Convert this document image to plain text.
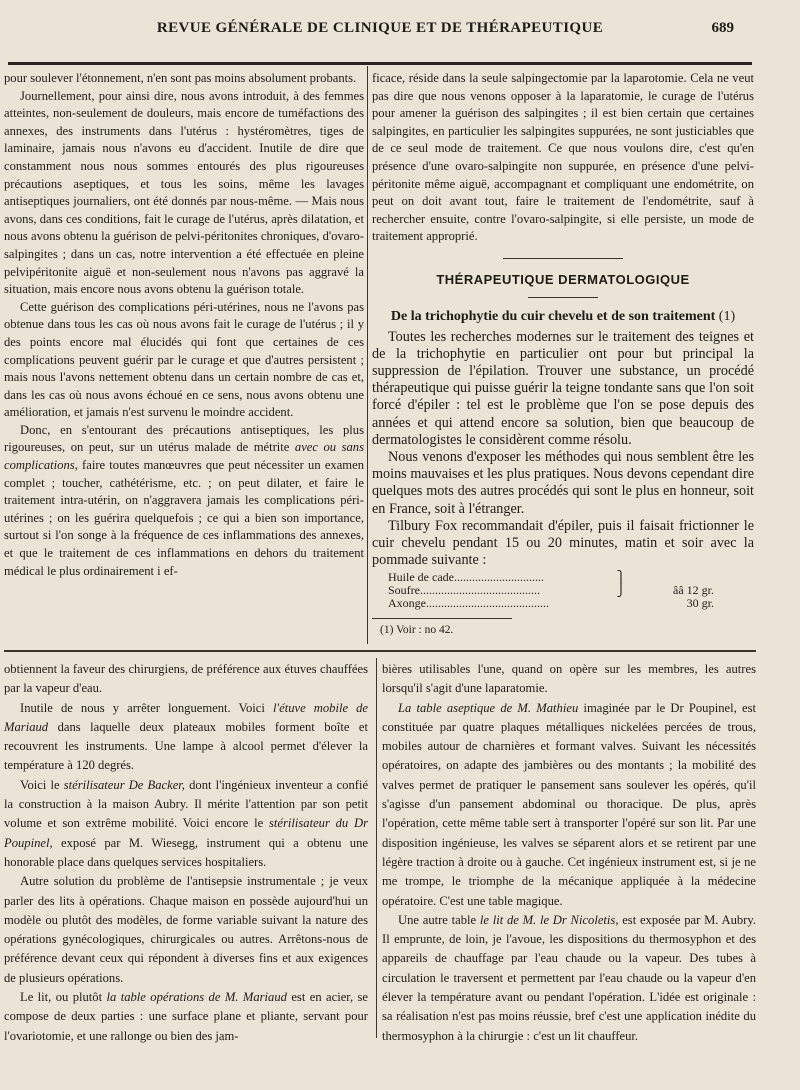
REVUE GÉNÉRALE DE CLINIQUE ET DE THÉRAPEUTIQUE	689

pour soulever l'étonnement, n'en sont pas moins absolument probants.

Journellement, pour ainsi dire, nous avons introduit, à des femmes atteintes, non-seulement de douleurs, mais encore de tuméfactions des annexes, des instruments dans l'utérus : hystéromètres, tiges de laminaire, jamais nous n'avons eu d'accident. Inutile de dire que constamment nous nous sommes entourés des plus rigoureuses précautions aseptiques, et tous les soins, même les lavages antiseptiques journaliers, ont été donnés par nous-même. — Mais nous avons, dans ces conditions, fait le curage de l'utérus, après dilatation, et nous avons obtenu la guérison de pelvi-péritonites chroniques, d'ovaro-salpingites ; dans un cas, notre intervention a été effectuée en pleine pelvipéritonite aiguë et non-seulement nous n'avons pas aggravé la situation, mais encore nous avons obtenu la guérison totale.

Cette guérison des complications péri-utérines, nous ne l'avons pas obtenue dans tous les cas où nous avons fait le curage de l'utérus ; il y des points encore mal élucidés qui font que certaines de ces complications peuvent guérir par le curage et que d'autres persistent ; mais nous l'avons nettement obtenu dans un certain nombre de cas et, dans les cas où nous avons échoué en ce sens, nous avons obtenu une amélioration, et jamais n'est survenu le moindre accident.

Donc, en s'entourant des précautions antiseptiques, les plus rigoureuses, on peut, sur un utérus malade de métrite avec ou sans complications, faire toutes manœuvres que peut nécessiter un examen complet ; toucher, cathétérisme, etc. ; on peut dilater, et faire le traitement intra-utérin, on n'aggravera jamais les complications péri-utérines ; on les guérira quelquefois ; ce qui a bien son importance, surtout si l'on songe à la fréquence de ces inflammations des annexes, et que le traitement de ces inflammations en dehors du traitement médical le plus ordinairement i ef-

ficace, réside dans la seule salpingectomie par la laparotomie. Cela ne veut pas dire que nous venons opposer à la laparatomie, le curage de l'utérus pour amener la guérison des salpingites ; il est bien certain que certaines salpingites, en particulier les salpingites suppurées, ne sont justiciables que de ce seul mode de traitement. Ce que nous voulons dire, c'est qu'en présence d'une ovaro-salpingite non suppurée, en présence d'une pelvi-péritonite même aiguë, accompagnant et compliquant une endométrite, on peut on doit avant tout, faire le traitement de l'endométrite, sauf à rechercher ensuite, contre l'ovaro-salpingite, si elle persiste, un mode de traitement approprié.

THÉRAPEUTIQUE DERMATOLOGIQUE
De la trichophytie du cuir chevelu et de son traitement (1)

Toutes les recherches modernes sur le traitement des teignes et de la trichophytie en particulier ont pour but principal la suppression de l'épilation. Trouver une substance, un procédé thérapeutique qui puisse guérir la teigne tondante sans que l'on soit forcé d'épiler : tel est le problème que l'on se pose depuis des années et qui attend encore sa solution, bien que beaucoup de dermatologistes le considèrent comme résolu.

Nous venons d'exposer les méthodes qui nous semblent être les moins mauvaises et les plus pratiques. Nous devons cependant dire quelques mots des autres procédés qui sont le plus en honneur, soit en France, soit à l'étranger.

Tilbury Fox recommandait d'épiler, puis il faisait frictionner le cuir chevelu pendant 15 ou 20 minutes, matin et soir avec la pommade suivante :

Huile de cade..............................	⎫
Soufre........................................	⎭	ââ 12 gr.
Axonge.........................................	30 gr.
(1) Voir : no 42.

obtiennent la faveur des chirurgiens, de préférence aux étuves chauffées par la vapeur d'eau.

Inutile de nous y arrêter longuement. Voici l'étuve mobile de Mariaud dans laquelle deux plateaux mobiles forment boîte et recouvrent les instruments. Une lampe à alcool permet d'élever la température à 120 degrés.

Voici le stérilisateur De Backer, dont l'ingénieux inventeur a confié la construction à la maison Aubry. Il mérite l'attention par son petit volume et son extrême mobilité. Voici encore le stérilisateur du Dr Poupinel, exposé par M. Wiesegg, instrument qui a obtenu une honorable place dans quelques services hospitaliers.

Autre solution du problème de l'antisepsie instrumentale ; je veux parler des lits à opérations. Chaque maison en possède aujourd'hui un modèle ou plutôt des modèles, de forme variable suivant la nature des opérations gynécologiques, chirurgicales ou autres. Arrêtons-nous de préférence devant ceux qui répondent à diverses fins et aux exigences de plusieurs opérations.

Le lit, ou plutôt la table opérations de M. Mariaud est en acier, se compose de deux parties : une surface plane et pliante, servant pour l'ovariotomie, et une rallonge ou bien des jam-

bières utilisables l'une, quand on opère sur les membres, les autres lorsqu'il s'agit d'une laparatomie.

La table aseptique de M. Mathieu imaginée par le Dr Poupinel, est constituée par quatre plaques métalliques nickelées percées de trous, mobiles autour de charnières et formant valves. Suivant les nécessités opératoires, on adapte des jambières ou des montants ; la mobilité des valves permet de pratiquer le pansement sans soulever les opérés, qu'il s'agisse d'un pansement abdominal ou thoracique. De plus, après l'opération, cette même table sert à transporter l'opéré sur son lit. Par une disposition ingénieuse, les valves se séparent alors et se retirent par une légère traction à droite ou à gauche. Cet ingénieux instrument est, si je ne me trompe, le triomphe de la mécanique appliquée à la médecine opératoire. C'est une table magique.

Une autre table le lit de M. le Dr Nicoletis, est exposée par M. Aubry. Il emprunte, de loin, je l'avoue, les dispositions du thermosyphon et des appareils de chauffage par l'eau chaude ou la vapeur. Des tubes à circulation le traversent et permettent par l'eau chaude ou la vapeur d'en élever la température avant ou pendant l'opération. L'idée est originale : sa réalisation n'est pas moins réussie, bref c'est une application inédite du thermosyphon à la chirurgie : c'est un lit chauffeur.
